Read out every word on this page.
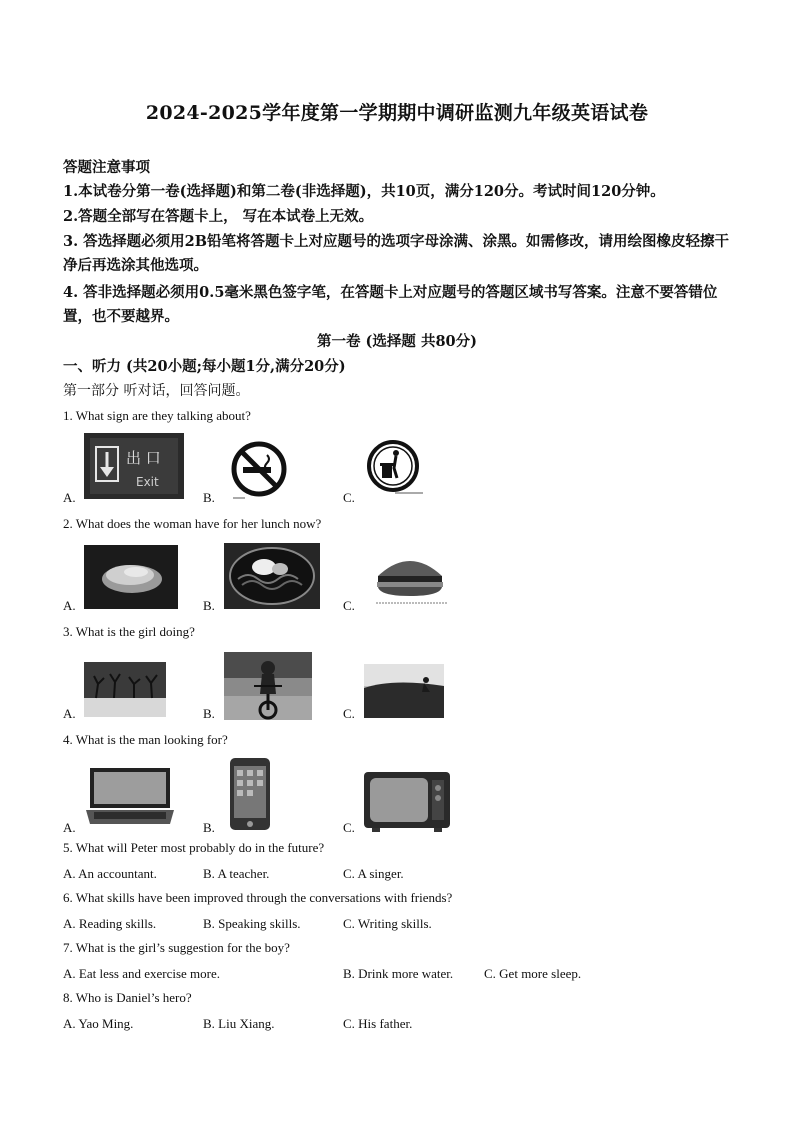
2024-2025学年度第一学期期中调研监测九年级英语试卷
答题注意事项
1.本试卷分第一卷(选择题)和第二卷(非选择题)，共10页，满分120分。考试时间120分钟。
2.答题全部写在答题卡上， 写在本试卷上无效。
3. 答选择题必须用2B铅笔将答题卡上对应题号的选项字母涂满、涂黑。如需修改，请用绘图橡皮轻擦干净后再选涂其他选项。
4. 答非选择题必须用0.5毫米黑色签字笔，在答题卡上对应题号的答题区域书写答案。注意不要答错位置，也不要越界。
第一卷 (选择题 共80分)
一、听力 (共20小题;每小题1分,满分20分)
第一部分 听对话，回答问题。
1. What sign are they talking about?
A.
出 口
Exit
B.	C.
2. What does the woman have for her lunch now?
A.	B.	C.
3. What is the girl doing?
A.	B.	C.
4. What is the man looking for?
A.	B.	C.
5. What will Peter most probably do in the future?
A. An accountant.	B. A teacher.	C. A singer.
6. What skills have been improved through the conversations with friends?
A. Reading skills.	B. Speaking skills.	C. Writing skills.
7. What is the girl’s suggestion for the boy?
A. Eat less and exercise more.	B. Drink more water. C. Get more sleep.
8. Who is Daniel’s hero?
A. Yao Ming.	B. Liu Xiang.	C. His father.
